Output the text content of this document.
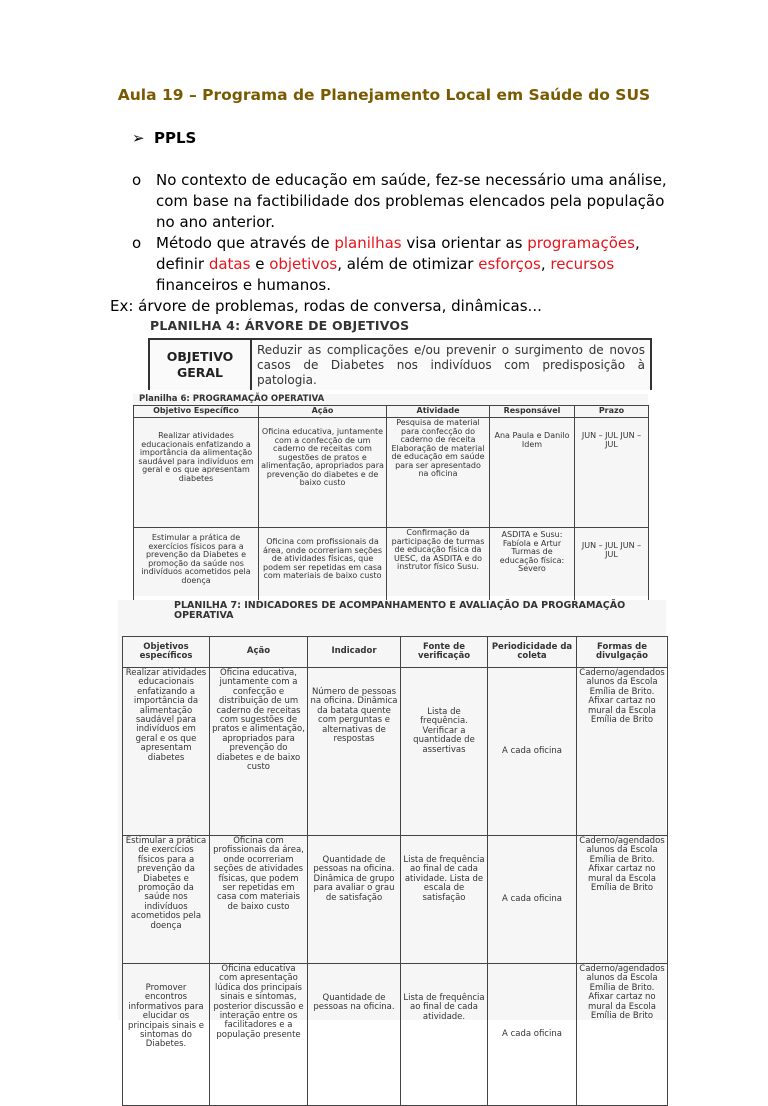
Aula 19 – Programa de Planejamento Local em Saúde do SUS
➢ PPLS
o No contexto de educação em saúde, fez-se necessário uma análise, com base na factibilidade dos problemas elencados pela população no ano anterior.
o Método que através de planilhas visa orientar as programações, definir datas e objetivos, além de otimizar esforços, recursos financeiros e humanos.
Ex: árvore de problemas, rodas de conversa, dinâmicas...
PLANILHA 4: ÁRVORE DE OBJETIVOS
OBJETIVO GERAL
Reduzir as complicações e/ou prevenir o surgimento de novos casos de Diabetes nos indivíduos com predisposição à patologia.
Planilha 6: PROGRAMAÇÃO OPERATIVA
Objetivo Específico	Ação	Atividade	Responsável	Prazo
Realizar atividades educacionais enfatizando a importância da alimentação saudável para indivíduos em geral e os que apresentam diabetes	Oficina educativa, juntamente com a confecção de um caderno de receitas com sugestões de pratos e alimentação, apropriados para prevenção do diabetes e de baixo custo	Pesquisa de material para confecção do caderno de receita Elaboração de material de educação em saúde para ser apresentado na oficina	Ana Paula e Danilo Idem	JUN – JUL JUN – JUL
Estimular a prática de exercícios físicos para a prevenção da Diabetes e promoção da saúde nos indivíduos acometidos pela doença	Oficina com profissionais da área, onde ocorreriam seções de atividades físicas, que podem ser repetidas em casa com materiais de baixo custo	Confirmação da participação de turmas de educação física da UESC, da ASDITA e do instrutor físico Susu.	ASDITA e Susu: Fabíola e Artur Turmas de educação física: Severo	JUN – JUL JUN – JUL
PLANILHA 7: INDICADORES DE ACOMPANHAMENTO E AVALIAÇÃO DA PROGRAMAÇÃO OPERATIVA
Objetivos específicos	Ação	Indicador	Fonte de verificação	Periodicidade da coleta	Formas de divulgação
Realizar atividades educacionais enfatizando a importância da alimentação saudável para indivíduos em geral e os que apresentam diabetes	Oficina educativa, juntamente com a confecção e distribuição de um caderno de receitas com sugestões de pratos e alimentação, apropriados para prevenção do diabetes e de baixo custo	Número de pessoas na oficina. Dinâmica da batata quente com perguntas e alternativas de respostas	Lista de frequência. Verificar a quantidade de assertivas	A cada oficina	Caderno/agendados alunos da Escola Emília de Brito. Afixar cartaz no mural da Escola Emília de Brito
Estimular a prática de exercícios físicos para a prevenção da Diabetes e promoção da saúde nos indivíduos acometidos pela doença	Oficina com profissionais da área, onde ocorreriam seções de atividades físicas, que podem ser repetidas em casa com materiais de baixo custo	Quantidade de pessoas na oficina. Dinâmica de grupo para avaliar o grau de satisfação	Lista de frequência ao final de cada atividade. Lista de escala de satisfação	A cada oficina	Caderno/agendados alunos da Escola Emília de Brito. Afixar cartaz no mural da Escola Emília de Brito
Promover encontros informativos para elucidar os principais sinais e sintomas do Diabetes.	Oficina educativa com apresentação lúdica dos principais sinais e sintomas, posterior discussão e interação entre os facilitadores e a população presente	Quantidade de pessoas na oficina.	Lista de frequência ao final de cada atividade.	A cada oficina	Caderno/agendados alunos da Escola Emília de Brito. Afixar cartaz no mural da Escola Emília de Brito
